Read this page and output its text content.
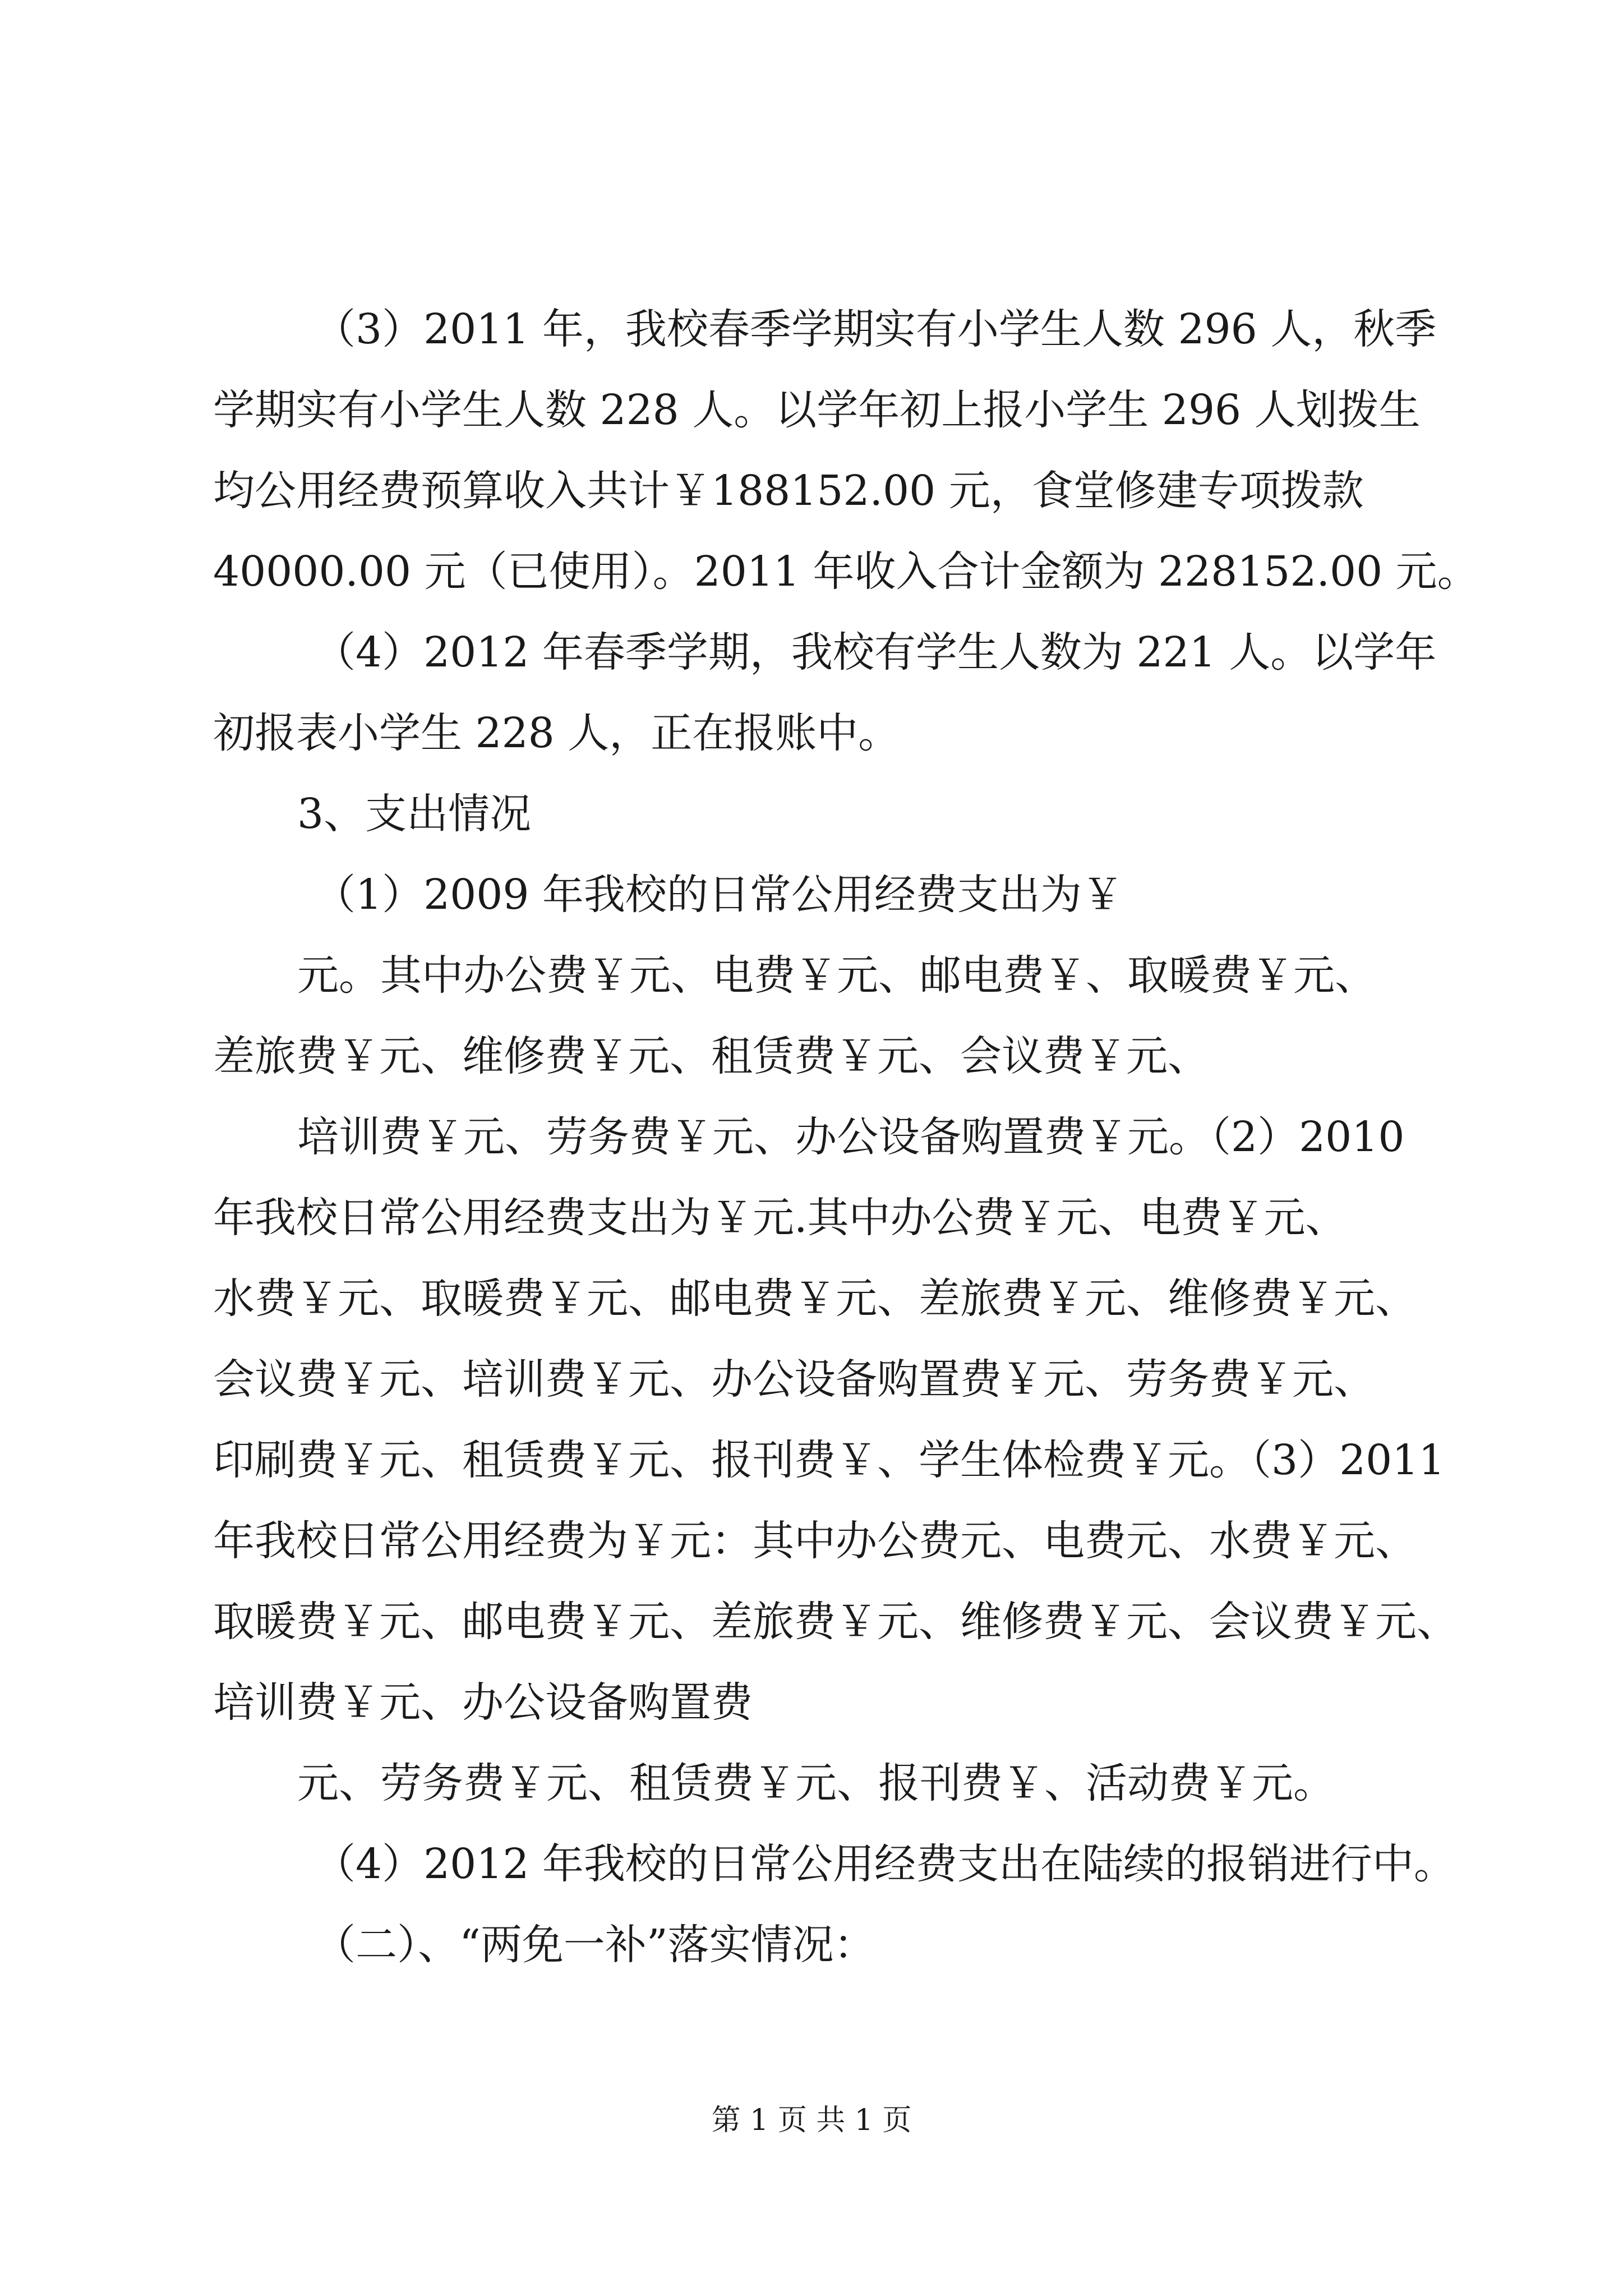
（3）2011 年，我校春季学期实有小学生人数 296 人，秋季
学期实有小学生人数 228 人。以学年初上报小学生 296 人划拨生
均公用经费预算收入共计￥188152.00 元，食堂修建专项拨款
40000.00 元（已使用）。2011 年收入合计金额为 228152.00 元。
（4）2012 年春季学期，我校有学生人数为 221 人。以学年
初报表小学生 228 人，正在报账中。
3、支出情况
（1）2009 年我校的日常公用经费支出为￥
元。其中办公费￥元、电费￥元、邮电费￥、取暖费￥元、
差旅费￥元、维修费￥元、租赁费￥元、会议费￥元、
培训费￥元、劳务费￥元、办公设备购置费￥元。（2）2010
年我校日常公用经费支出为￥元.其中办公费￥元、电费￥元、
水费￥元、取暖费￥元、邮电费￥元、差旅费￥元、维修费￥元、
会议费￥元、培训费￥元、办公设备购置费￥元、劳务费￥元、
印刷费￥元、租赁费￥元、报刊费￥、学生体检费￥元。（3）2011
年我校日常公用经费为￥元：其中办公费元、电费元、水费￥元、
取暖费￥元、邮电费￥元、差旅费￥元、维修费￥元、会议费￥元、
培训费￥元、办公设备购置费
元、劳务费￥元、租赁费￥元、报刊费￥、活动费￥元。
（4）2012 年我校的日常公用经费支出在陆续的报销进行中。
（二）、“两免一补”落实情况：
第 1 页 共 1 页
